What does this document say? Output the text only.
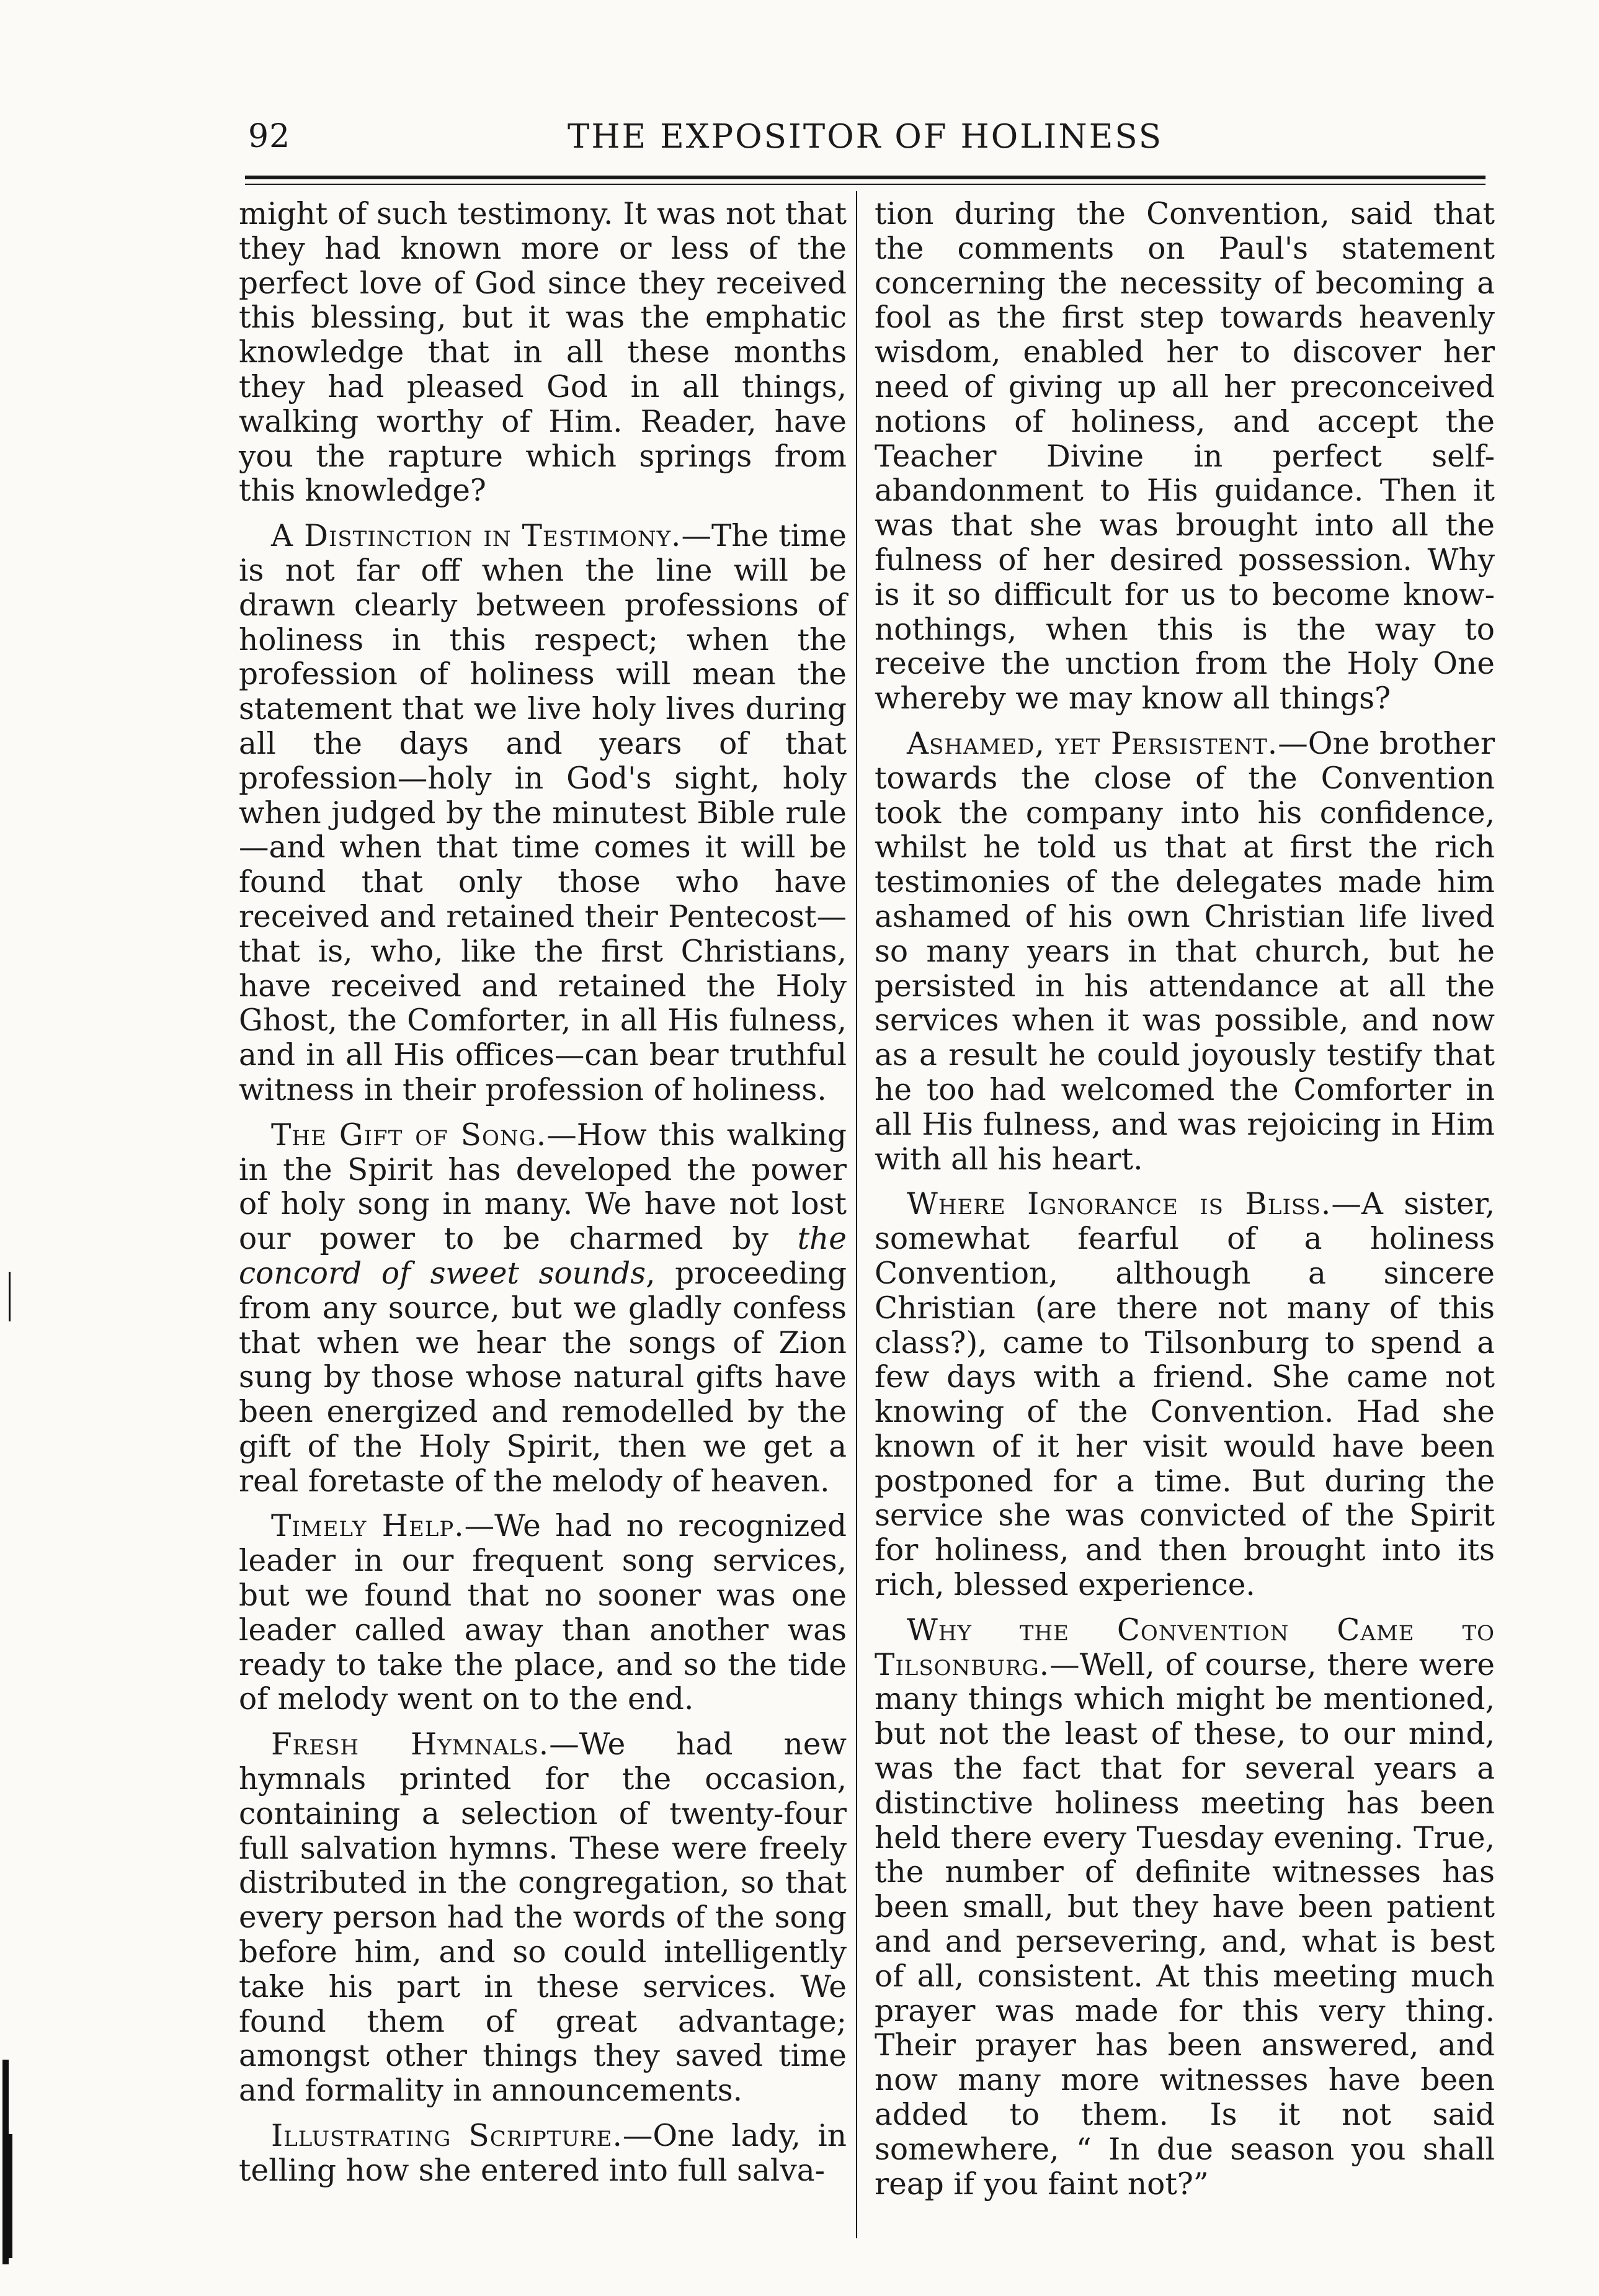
92	THE EXPOSITOR OF HOLINESS

might of such testimony. It was not that they had known more or less of the perfect love of God since they received this blessing, but it was the emphatic knowledge that in all these months they had pleased God in all things, walking worthy of Him. Reader, have you the rapture which springs from this knowledge?

A Distinction in Testimony.—The time is not far off when the line will be drawn clearly between professions of holiness in this respect; when the profession of holiness will mean the statement that we live holy lives during all the days and years of that profession—holy in God's sight, holy when judged by the minutest Bible rule—and when that time comes it will be found that only those who have received and retained their Pentecost—that is, who, like the first Christians, have received and retained the Holy Ghost, the Comforter, in all His fulness, and in all His offices—can bear truthful witness in their profession of holiness.

The Gift of Song.—How this walking in the Spirit has developed the power of holy song in many. We have not lost our power to be charmed by the concord of sweet sounds, proceeding from any source, but we gladly confess that when we hear the songs of Zion sung by those whose natural gifts have been energized and remodelled by the gift of the Holy Spirit, then we get a real foretaste of the melody of heaven.

Timely Help.—We had no recognized leader in our frequent song services, but we found that no sooner was one leader called away than another was ready to take the place, and so the tide of melody went on to the end.

Fresh Hymnals.—We had new hymnals printed for the occasion, containing a selection of twenty-four full salvation hymns. These were freely distributed in the congregation, so that every person had the words of the song before him, and so could intelligently take his part in these services. We found them of great advantage; amongst other things they saved time and formality in announcements.

Illustrating Scripture.—One lady, in telling how she entered into full salva-

tion during the Convention, said that the comments on Paul's statement concerning the necessity of becoming a fool as the first step towards heavenly wisdom, enabled her to discover her need of giving up all her preconceived notions of holiness, and accept the Teacher Divine in perfect self-abandonment to His guidance. Then it was that she was brought into all the fulness of her desired possession. Why is it so difficult for us to become know-nothings, when this is the way to receive the unction from the Holy One whereby we may know all things?

Ashamed, yet Persistent.—One brother towards the close of the Convention took the company into his confidence, whilst he told us that at first the rich testimonies of the delegates made him ashamed of his own Christian life lived so many years in that church, but he persisted in his attendance at all the services when it was possible, and now as a result he could joyously testify that he too had welcomed the Comforter in all His fulness, and was rejoicing in Him with all his heart.

Where Ignorance is Bliss.—A sister, somewhat fearful of a holiness Convention, although a sincere Christian (are there not many of this class?), came to Tilsonburg to spend a few days with a friend. She came not knowing of the Convention. Had she known of it her visit would have been postponed for a time. But during the service she was convicted of the Spirit for holiness, and then brought into its rich, blessed experience.

Why the Convention Came to Tilsonburg.—Well, of course, there were many things which might be mentioned, but not the least of these, to our mind, was the fact that for several years a distinctive holiness meeting has been held there every Tuesday evening. True, the number of definite witnesses has been small, but they have been patient and and persevering, and, what is best of all, consistent. At this meeting much prayer was made for this very thing. Their prayer has been answered, and now many more witnesses have been added to them. Is it not said somewhere, “ In due season you shall reap if you faint not?”
